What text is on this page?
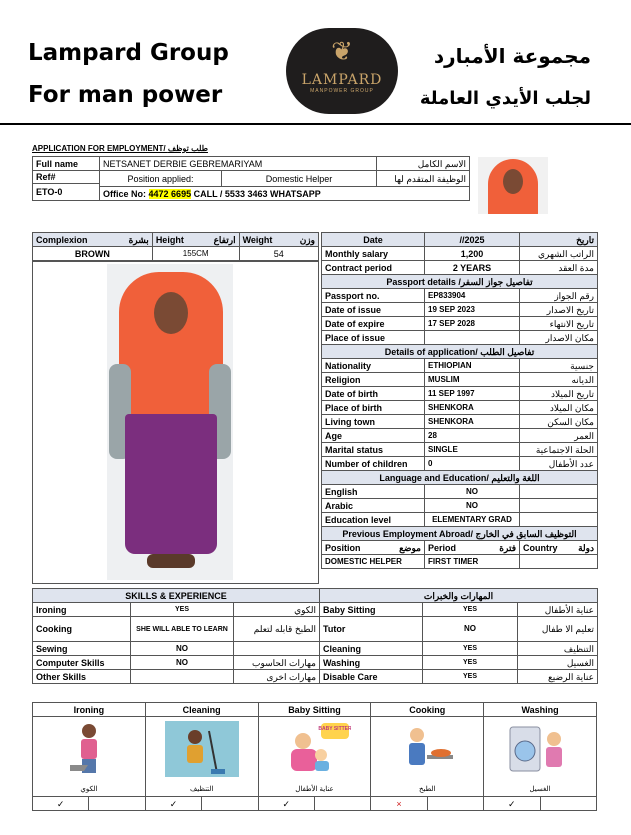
Lampard Group
For man power
❦
LAMPARD
MANPOWER GROUP
مجموعة الأمبارد
لجلب الأيدي العاملة
APPLICATION FOR EMPLOYMENT/ طلب توظف
Full name	NETSANET DERBIE GEBREMARIYAM		الاسم الكامل
Ref#	Position applied:	Domestic Helper	الوظيفة المتقدم لها
ETO-0			
	Office No: 4472 6695 CALL / 5533 3463 WHATSAPP		
Complexion بشرة	Height ارتفاع	Weight وزن

BROWN	155CM	54
Date	//2025	تاريخ
Monthly salary	1,200	الراتب الشهري
Contract period	2 YEARS	مدة العقد
Passport details /تفاصيل جواز السفر		
Passport no.	EP833904	رقم الجواز
Date of issue	19 SEP 2023	تاريخ الاصدار
Date of expire	17 SEP 2028	تاريخ الانتهاء
Place of issue		مكان الاصدار
Details of application/ تفاصيل الطلب		
Nationality	ETHIOPIAN	جنسية
Religion	MUSLIM	الديانه
Date of birth	11 SEP 1997	تاريخ الميلاد
Place of birth	SHENKORA	مكان الميلاد
Living town	SHENKORA	مكان السكن
Age	28	العمر
Marital status	SINGLE	الحلة الاجتماعية
Number of children	0	عدد الأطفال
Language and Education/ اللغة والتعليم		
English	NO	
Arabic	NO	
Education level	ELEMENTARY GRAD	
Previous Employment Abroad/ التوظيف السابق في الخارج		
Position موضع	Period فترة	Country دولة

DOMESTIC HELPER	FIRST TIMER	
SKILLS & EXPERIENCE			المهارات والخبرات		
Ironing	YES	الكوي	Baby Sitting	YES	عناية الأطفال
Cooking	SHE WILL ABLE TO LEARN	الطبخ قابله لتعلم	Tutor	NO	تعليم الا طفال
Sewing	NO		Cleaning	YES	التنظيف
Computer Skills	NO	مهارات الحاسوب	Washing	YES	الغسيل
Other Skills		مهارات اخرى	Disable Care	YES	عناية الرضيع
Ironing		Cleaning		Baby Sitting		Cooking		Washing	

BABY SITTER

الكوي		التنظيف		عناية الأطفال		الطبخ		الغسيل	
✓		✓		✓		×		✓	
